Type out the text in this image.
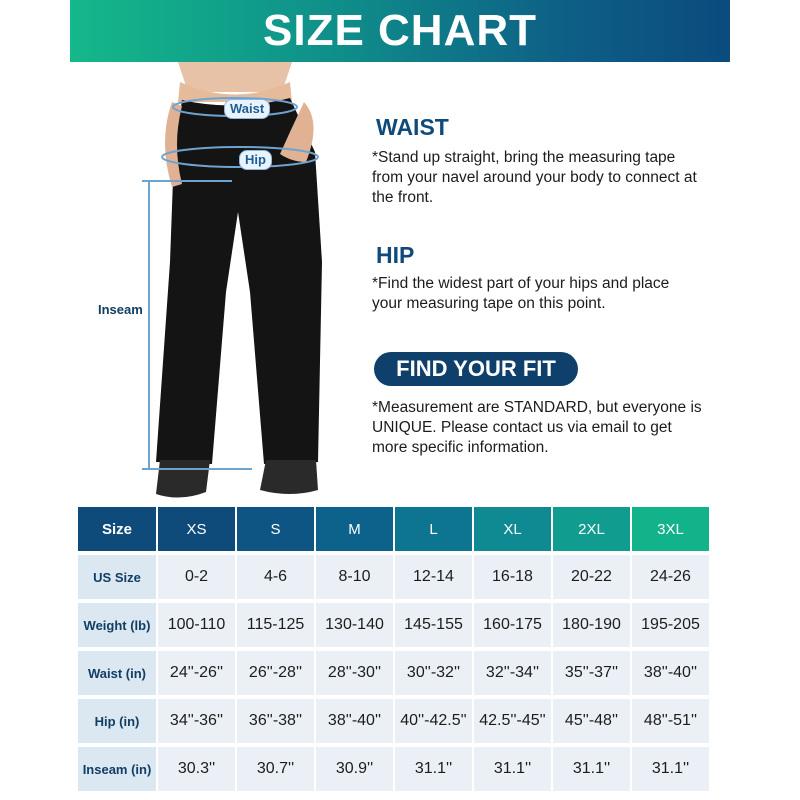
SIZE CHART
Waist
Hip
Inseam
WAIST
*Stand up straight, bring the measuring tape from your navel around your body to connect at the front.
HIP
*Find the widest part of your hips and place your measuring tape on this point.
FIND YOUR FIT
*Measurement are STANDARD, but everyone is UNIQUE. Please contact us via email to get more specific information.
Size	XS	S	M	L	XL	2XL	3XL
US Size	0-2	4-6	8-10	12-14	16-18	20-22	24-26
Weight (lb)	100-110	115-125	130-140	145-155	160-175	180-190	195-205
Waist (in)	24''-26''	26''-28''	28''-30''	30''-32''	32''-34''	35''-37''	38''-40''
Hip (in)	34''-36''	36''-38''	38''-40''	40''-42.5''	42.5''-45''	45''-48''	48''-51''
Inseam (in)	30.3''	30.7''	30.9''	31.1''	31.1''	31.1''	31.1''
